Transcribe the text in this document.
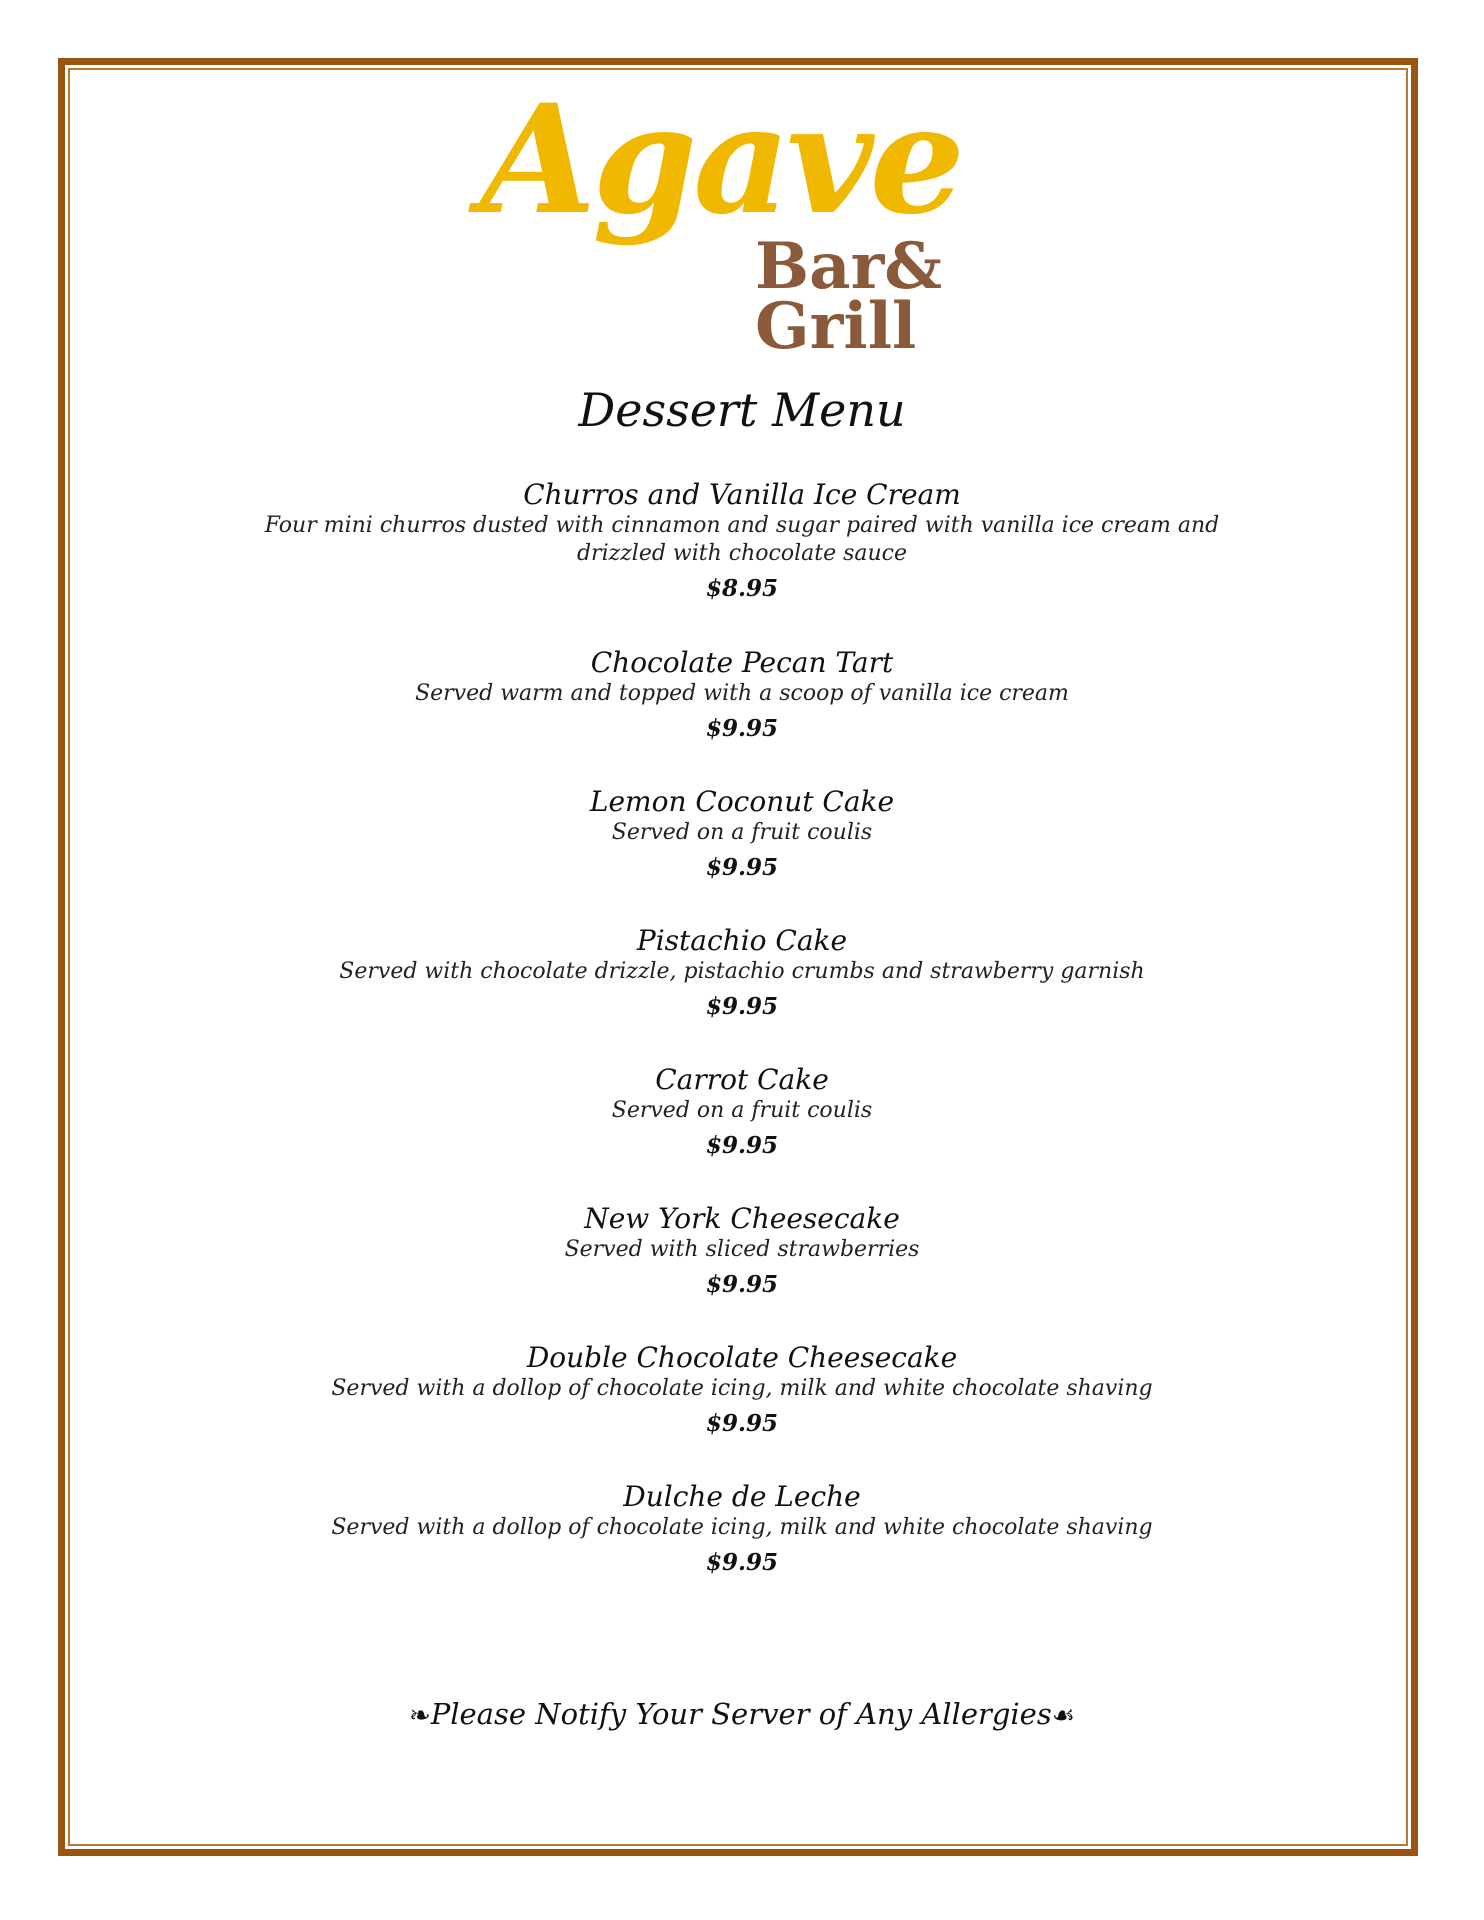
Agave
Bar&
Grill
Dessert Menu
Churros and Vanilla Ice Cream
Four mini churros dusted with cinnamon and sugar paired with vanilla ice cream and drizzled with chocolate sauce
$8.95
Chocolate Pecan Tart
Served warm and topped with a scoop of vanilla ice cream
$9.95
Lemon Coconut Cake
Served on a fruit coulis
$9.95
Pistachio Cake
Served with chocolate drizzle, pistachio crumbs and strawberry garnish
$9.95
Carrot Cake
Served on a fruit coulis
$9.95
New York Cheesecake
Served with sliced strawberries
$9.95
Double Chocolate Cheesecake
Served with a dollop of chocolate icing, milk and white chocolate shaving
$9.95
Dulche de Leche
Served with a dollop of chocolate icing, milk and white chocolate shaving
$9.95
❧Please Notify Your Server of Any Allergies☙
